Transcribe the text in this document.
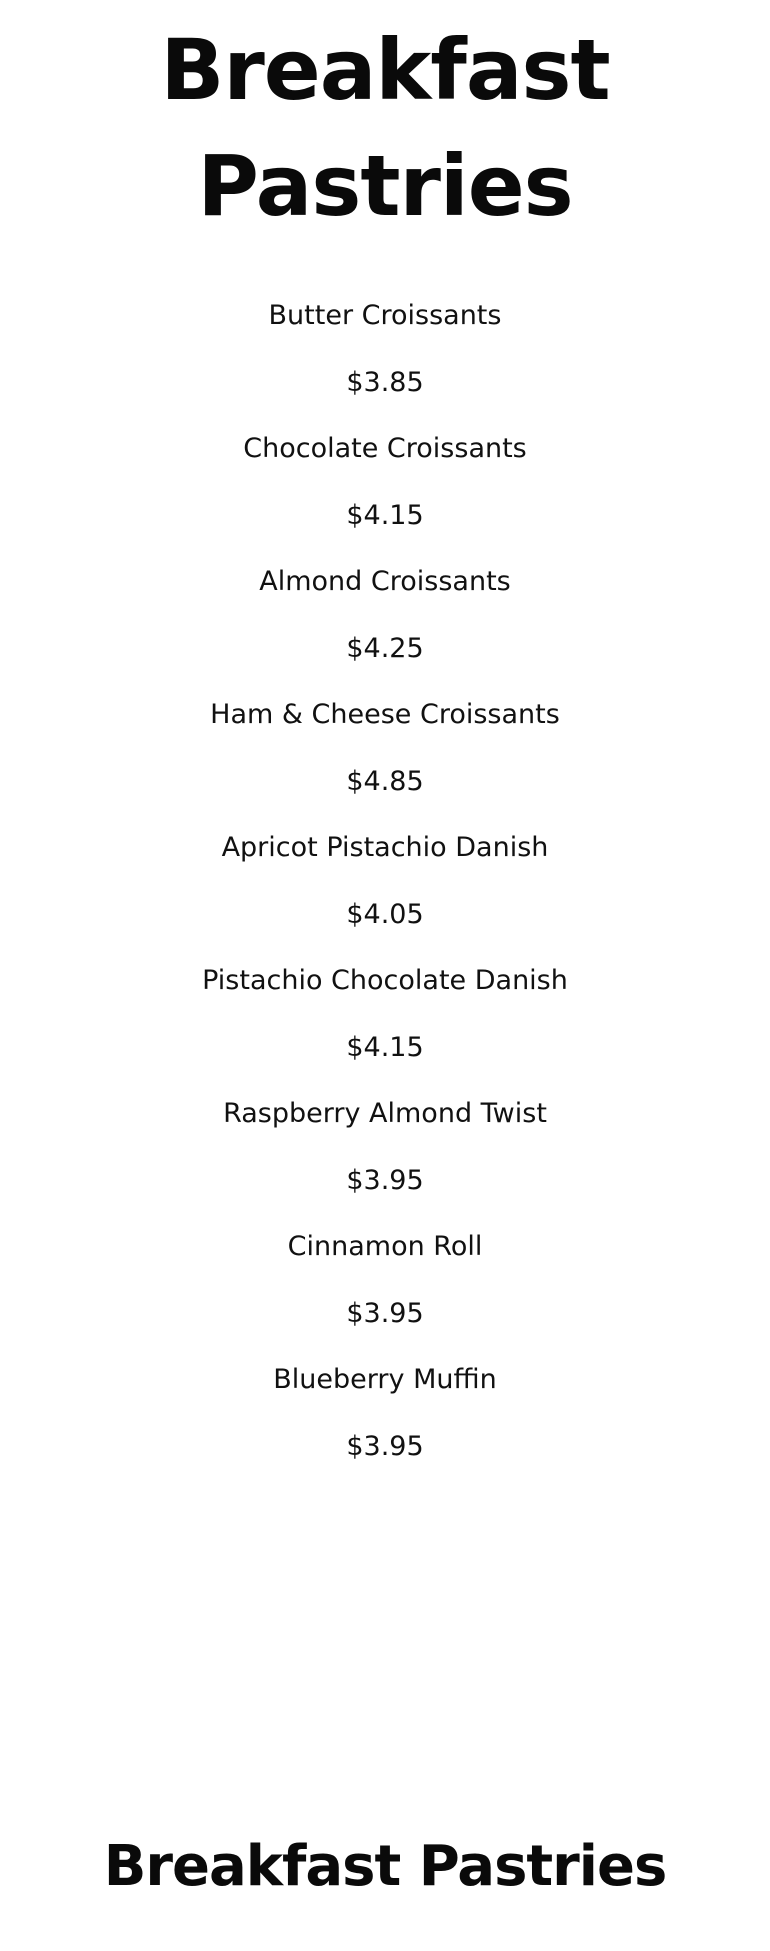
Breakfast
Pastries
Butter Croissants
$3.85
Chocolate Croissants
$4.15
Almond Croissants
$4.25
Ham & Cheese Croissants
$4.85
Apricot Pistachio Danish
$4.05
Pistachio Chocolate Danish
$4.15
Raspberry Almond Twist
$3.95
Cinnamon Roll
$3.95
Blueberry Muffin
$3.95
Breakfast Pastries
